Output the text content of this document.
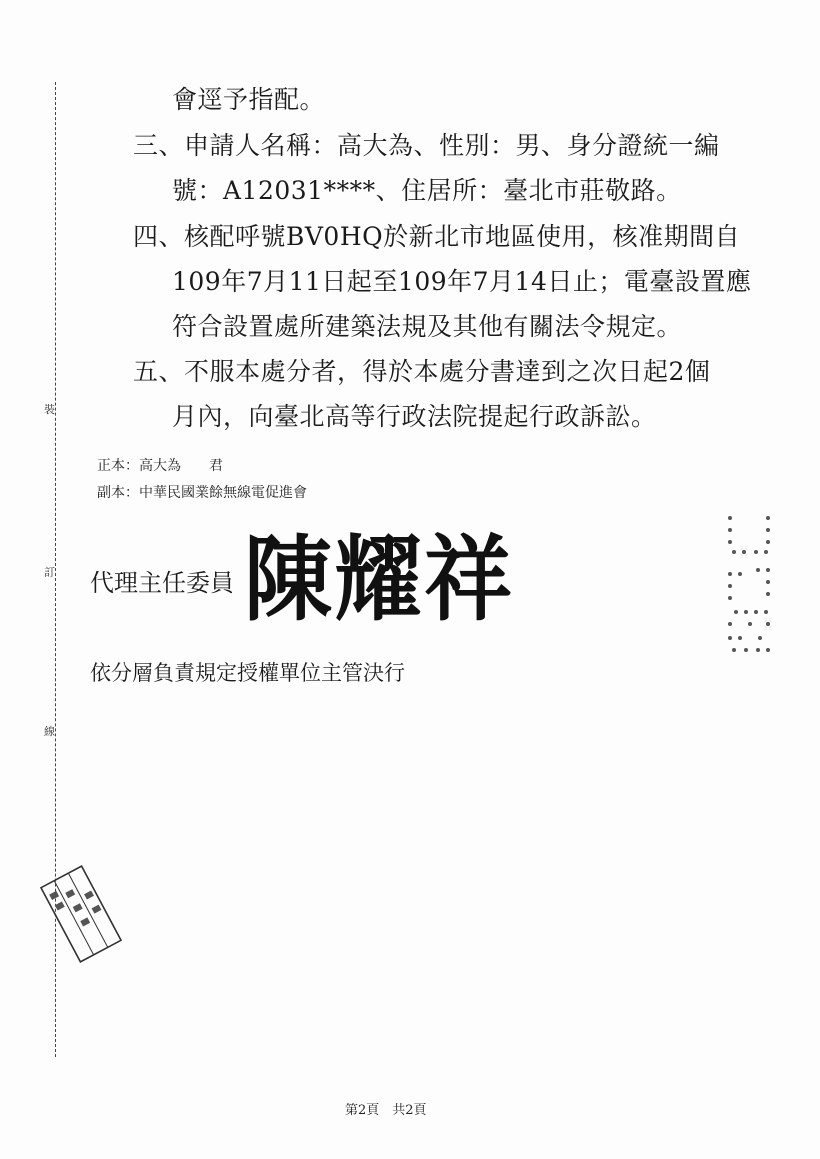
裝
訂
線
會逕予指配。
三、申請人名稱：高大為、性別：男、身分證統一編
號：A12031****、住居所：臺北市莊敬路。
四、核配呼號BV0HQ於新北市地區使用，核准期間自
109年7月11日起至109年7月14日止；電臺設置應
符合設置處所建築法規及其他有關法令規定。
五、不服本處分者，得於本處分書達到之次日起2個
月內，向臺北高等行政法院提起行政訴訟。
正本：高大為　　君
副本：中華民國業餘無線電促進會
代理主任委員 陳耀祥
依分層負責規定授權單位主管決行
第2頁　共2頁
